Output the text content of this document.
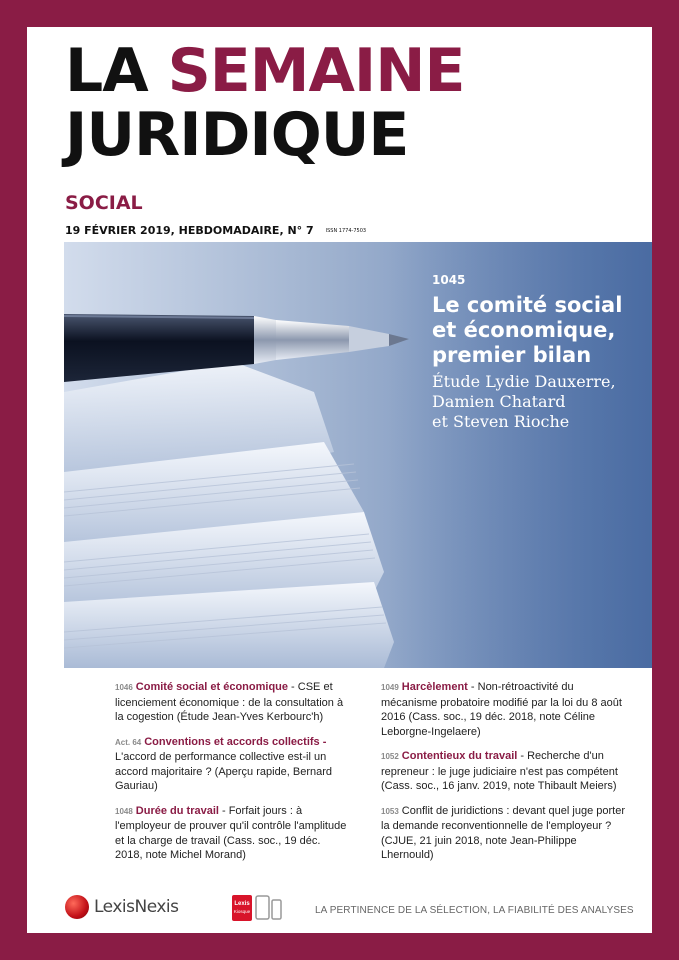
LA SEMAINE
JURIDIQUE
SOCIAL
19 FÉVRIER 2019, HEBDOMADAIRE, N° 7 ISSN 1774-7503
1045
Le comité social
et économique,
premier bilan
Étude Lydie Dauxerre,
Damien Chatard
et Steven Rioche
1046 Comité social et économique - CSE et licenciement économique : de la consultation à la cogestion (Étude Jean-Yves Kerbourc'h)
Act. 64 Conventions et accords collectifs - L'accord de performance collective est-il un accord majoritaire ? (Aperçu rapide, Bernard Gauriau)
1048 Durée du travail - Forfait jours : à l'employeur de prouver qu'il contrôle l'amplitude et la charge de travail (Cass. soc., 19 déc. 2018, note Michel Morand)
1049 Harcèlement - Non-rétroactivité du mécanisme probatoire modifié par la loi du 8 août 2016 (Cass. soc., 19 déc. 2018, note Céline Leborgne-Ingelaere)
1052 Contentieux du travail - Recherche d'un repreneur : le juge judiciaire n'est pas compétent (Cass. soc., 16 janv. 2019, note Thibault Meiers)
1053 Conflit de juridictions : devant quel juge porter la demande reconventionnelle de l'employeur ? (CJUE, 21 juin 2018, note Jean-Philippe Lhernould)
LexisNexis	Lexis
Kiosque	LA PERTINENCE DE LA SÉLECTION, LA FIABILITÉ DES ANALYSES
